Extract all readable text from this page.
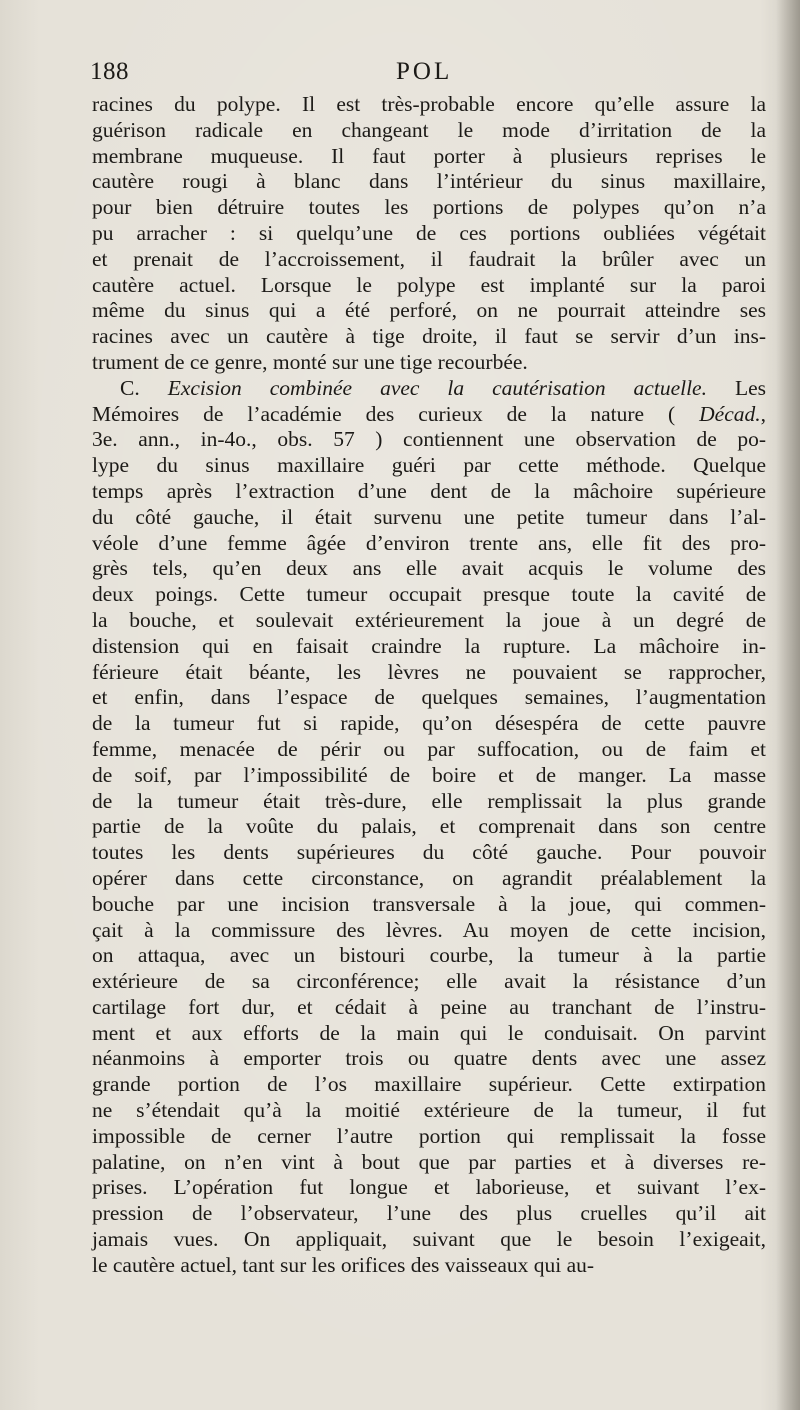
188	POL
racines du polype. Il est très-probable encore qu’elle assure la
guérison radicale en changeant le mode d’irritation de la
membrane muqueuse. Il faut porter à plusieurs reprises le
cautère rougi à blanc dans l’intérieur du sinus maxillaire,
pour bien détruire toutes les portions de polypes qu’on n’a
pu arracher : si quelqu’une de ces portions oubliées végétait
et prenait de l’accroissement, il faudrait la brûler avec un
cautère actuel. Lorsque le polype est implanté sur la paroi
même du sinus qui a été perforé, on ne pourrait atteindre ses
racines avec un cautère à tige droite, il faut se servir d’un ins-
trument de ce genre, monté sur une tige recourbée.
C. Excision combinée avec la cautérisation actuelle. Les
Mémoires de l’académie des curieux de la nature ( Décad.,
3e. ann., in-4o., obs. 57 ) contiennent une observation de po-
lype du sinus maxillaire guéri par cette méthode. Quelque
temps après l’extraction d’une dent de la mâchoire supérieure
du côté gauche, il était survenu une petite tumeur dans l’al-
véole d’une femme âgée d’environ trente ans, elle fit des pro-
grès tels, qu’en deux ans elle avait acquis le volume des
deux poings. Cette tumeur occupait presque toute la cavité de
la bouche, et soulevait extérieurement la joue à un degré de
distension qui en faisait craindre la rupture. La mâchoire in-
férieure était béante, les lèvres ne pouvaient se rapprocher,
et enfin, dans l’espace de quelques semaines, l’augmentation
de la tumeur fut si rapide, qu’on désespéra de cette pauvre
femme, menacée de périr ou par suffocation, ou de faim et
de soif, par l’impossibilité de boire et de manger. La masse
de la tumeur était très-dure, elle remplissait la plus grande
partie de la voûte du palais, et comprenait dans son centre
toutes les dents supérieures du côté gauche. Pour pouvoir
opérer dans cette circonstance, on agrandit préalablement la
bouche par une incision transversale à la joue, qui commen-
çait à la commissure des lèvres. Au moyen de cette incision,
on attaqua, avec un bistouri courbe, la tumeur à la partie
extérieure de sa circonférence; elle avait la résistance d’un
cartilage fort dur, et cédait à peine au tranchant de l’instru-
ment et aux efforts de la main qui le conduisait. On parvint
néanmoins à emporter trois ou quatre dents avec une assez
grande portion de l’os maxillaire supérieur. Cette extirpation
ne s’étendait qu’à la moitié extérieure de la tumeur, il fut
impossible de cerner l’autre portion qui remplissait la fosse
palatine, on n’en vint à bout que par parties et à diverses re-
prises. L’opération fut longue et laborieuse, et suivant l’ex-
pression de l’observateur, l’une des plus cruelles qu’il ait
jamais vues. On appliquait, suivant que le besoin l’exigeait,
le cautère actuel, tant sur les orifices des vaisseaux qui au-
